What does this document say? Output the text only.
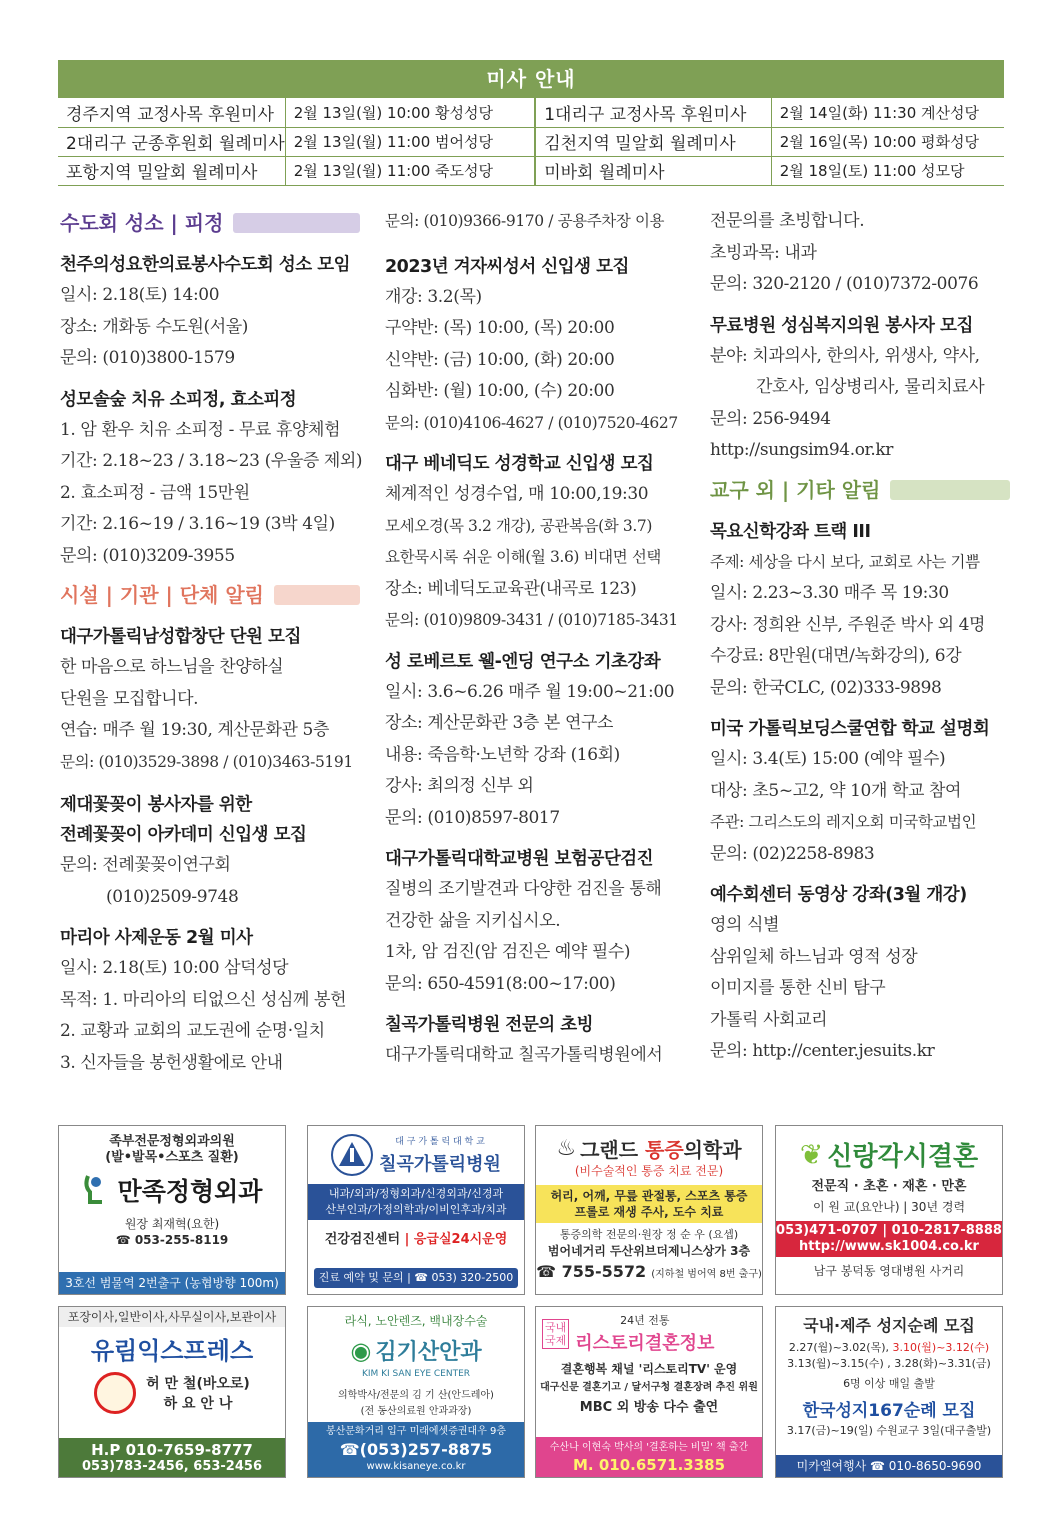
미사 안내
경주지역 교정사목 후원미사	2월 13일(월) 10:00 황성성당	1대리구 교정사목 후원미사	2월 14일(화) 11:30 계산성당
2대리구 군종후원회 월례미사	2월 13일(월) 11:00 범어성당	김천지역 밀알회 월례미사	2월 16일(목) 10:00 평화성당
포항지역 밀알회 월례미사	2월 13일(월) 11:00 죽도성당	미바회 월례미사	2월 18일(토) 11:00 성모당
수도회 성소 | 피정
천주의성요한의료봉사수도회 성소 모임
일시: 2.18(토) 14:00
장소: 개화동 수도원(서울)
문의: (010)3800-1579
성모솔숲 치유 소피정, 효소피정
1. 암 환우 치유 소피정 - 무료 휴양체험
기간: 2.18~23 / 3.18~23 (우울증 제외)
2. 효소피정 - 금액 15만원
기간: 2.16~19 / 3.16~19 (3박 4일)
문의: (010)3209-3955
시설 | 기관 | 단체 알림
대구가톨릭남성합창단 단원 모집
한 마음으로 하느님을 찬양하실
단원을 모집합니다.
연습: 매주 월 19:30, 계산문화관 5층
문의: (010)3529-3898 / (010)3463-5191
제대꽃꽂이 봉사자를 위한
전례꽃꽂이 아카데미 신입생 모집
문의: 전례꽃꽂이연구회
(010)2509-9748
마리아 사제운동 2월 미사
일시: 2.18(토) 10:00 삼덕성당
목적: 1. 마리아의 티없으신 성심께 봉헌
2. 교황과 교회의 교도권에 순명·일치
3. 신자들을 봉헌생활에로 안내
문의: (010)9366-9170 / 공용주차장 이용
2023년 겨자씨성서 신입생 모집
개강: 3.2(목)
구약반: (목) 10:00, (목) 20:00
신약반: (금) 10:00, (화) 20:00
심화반: (월) 10:00, (수) 20:00
문의: (010)4106-4627 / (010)7520-4627
대구 베네딕도 성경학교 신입생 모집
체계적인 성경수업, 매 10:00,19:30
모세오경(목 3.2 개강), 공관복음(화 3.7)
요한묵시록 쉬운 이해(월 3.6) 비대면 선택
장소: 베네딕도교육관(내곡로 123)
문의: (010)9809-3431 / (010)7185-3431
성 로베르토 웰-엔딩 연구소 기초강좌
일시: 3.6~6.26 매주 월 19:00~21:00
장소: 계산문화관 3층 본 연구소
내용: 죽음학·노년학 강좌 (16회)
강사: 최의정 신부 외
문의: (010)8597-8017
대구가톨릭대학교병원 보험공단검진
질병의 조기발견과 다양한 검진을 통해
건강한 삶을 지키십시오.
1차, 암 검진(암 검진은 예약 필수)
문의: 650-4591(8:00~17:00)
칠곡가톨릭병원 전문의 초빙
대구가톨릭대학교 칠곡가톨릭병원에서
전문의를 초빙합니다.
초빙과목: 내과
문의: 320-2120 / (010)7372-0076
무료병원 성심복지의원 봉사자 모집
분야: 치과의사, 한의사, 위생사, 약사,
간호사, 임상병리사, 물리치료사
문의: 256-9494
http://sungsim94.or.kr
교구 외 | 기타 알림
목요신학강좌 트랙 III
주제: 세상을 다시 보다, 교회로 사는 기쁨
일시: 2.23~3.30 매주 목 19:30
강사: 정희완 신부, 주원준 박사 외 4명
수강료: 8만원(대면/녹화강의), 6강
문의: 한국CLC, (02)333-9898
미국 가톨릭보딩스쿨연합 학교 설명회
일시: 3.4(토) 15:00 (예약 필수)
대상: 초5~고2, 약 10개 학교 참여
주관: 그리스도의 레지오회 미국학교법인
문의: (02)2258-8983
예수회센터 동영상 강좌(3월 개강)
영의 식별
삼위일체 하느님과 영적 성장
이미지를 통한 신비 탐구
가톨릭 사회교리
문의: http://center.jesuits.kr
족부전문정형외과의원
(발•발목•스포츠 질환)
만족정형외과
원장 최재혁(요한)
☎ 053-255-8119
3호선 범물역 2번출구 (농협방향 100m)
대 구 가 톨 릭 대 학 교
칠곡가톨릭병원
내과/외과/정형외과/신경외과/신경과
산부인과/가정의학과/이비인후과/치과
건강검진센터 | 응급실24시운영
진료 예약 및 문의 | ☎ 053) 320-2500
♨ 그랜드 통증의학과
(비수술적인 통증 치료 전문)
허리, 어깨, 무릎 관절통, 스포츠 통증
프롤로 재생 주사, 도수 치료
통증의학 전문의·원장 정 순 우 (요셉)
범어네거리 두산위브더제니스상가 3층
☎ 755-5572 (지하철 범어역 8번 출구)
❦ 신랑각시결혼
전문직 · 초혼 · 재혼 · 만혼
이 원 교(요안나) | 30년 경력
053)471-0707 | 010-2817-8888
http://www.sk1004.co.kr
남구 봉덕동 영대병원 사거리
포장이사,일반이사,사무실이사,보관이사
유림익스프레스
허 만 철(바오로)
하 요 안 나
H.P 010-7659-8777
053)783-2456, 653-2456
라식, 노안렌즈, 백내장수술
◉ 김기산안과
KIM KI SAN EYE CENTER
의학박사/전문의 김 기 산(안드레아)
(전 동산의료원 안과과장)
봉산문화거리 입구 미래에셋증권대우 9층
☎(053)257-8875
www.kisaneye.co.kr
국내
국제
24년 전통
리스토리결혼정보
결혼행복 채널 '리스토리TV' 운영
대구신문 결혼기고 / 달서구청 결혼장려 추진 위원
MBC 외 방송 다수 출연
수산나 이현숙 박사의 '결혼하는 비밀' 책 출간
M. 010.6571.3385
국내·제주 성지순례 모집
2.27(월)~3.02(목), 3.10(월)~3.12(수)
3.13(월)~3.15(수) , 3.28(화)~3.31(금)
6명 이상 매일 출발
한국성지167순례 모집
3.17(금)~19(일) 수원교구 3일(대구출발)
미카엘여행사 ☎ 010-8650-9690
